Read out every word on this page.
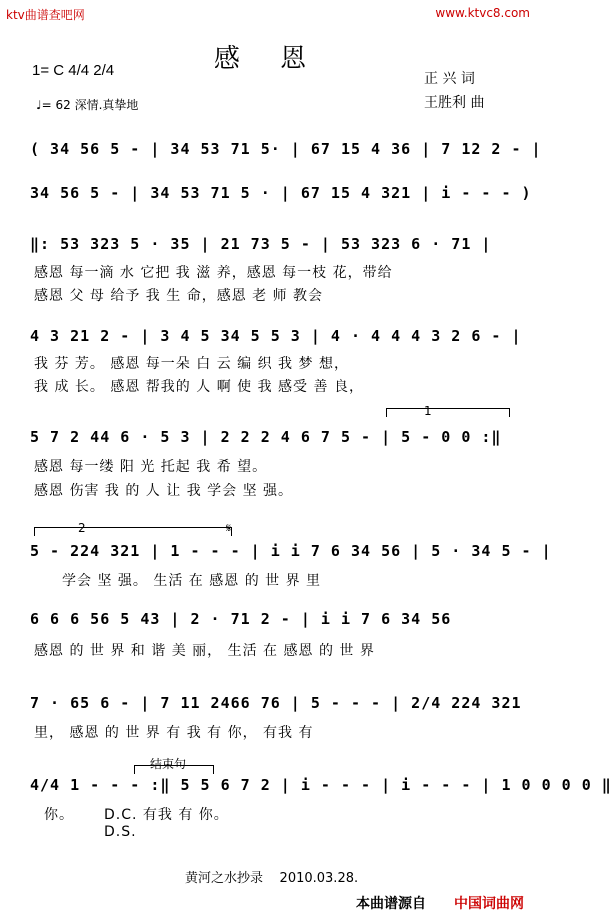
ktv曲谱查吧网	www.ktvc8.com
感 恩
1= C 4/4 2/4
♩= 62 深情.真挚地
正 兴 词
王胜利 曲
( 34 56 5 - | 34 53 71 5· | 67 15 4 36 | 7 12 2 - |
34 56 5 - | 34 53 71 5 · | 67 15 4 321 | i - - - )
‖: 53 323 5 · 35 | 21 73 5 - | 53 323 6 · 71 |
感恩 每一滴 水 它把 我 滋 养，感恩 每一枝 花，带给
感恩 父 母 给予 我 生 命，感恩 老 师 教会
4 3 21 2 - | 3 4 5 34 5 5 3 | 4 · 4 4 4 3 2 6 - |
我 芬 芳。 感恩 每一朵 白 云 编 织 我 梦 想，
我 成 长。 感恩 帮我的 人 啊 使 我 感受 善 良，
1
5 7 2 44 6 · 5 3 | 2 2 2 4 6 7 5 - | 5 - 0 0 :‖
感恩 每一缕 阳 光 托起 我 希 望。
感恩 伤害 我 的 人 让 我 学会 坚 强。
2	𝄋
5 - 224 321 | 1 - - - | i i 7 6 34 56 | 5 · 34 5 - |
学会 坚 强。 生活 在 感恩 的 世 界 里
6 6 6 56 5 43 | 2 · 71 2 - | i i 7 6 34 56
感恩 的 世 界 和 谐 美 丽， 生活 在 感恩 的 世 界
7 · 65 6 - | 7 11 2466 76 | 5 - - - | 2/4 224 321
里， 感恩 的 世 界 有 我 有 你， 有我 有
结束句
4/4 1 - - - :‖ 5 5 6 7 2 | i - - - | i - - - | 1 0 0 0 0 ‖
你。 D.C. 有我 有 你。
D.S.
黄河之水抄录 2010.03.28.
本曲谱源自 中国词曲网
